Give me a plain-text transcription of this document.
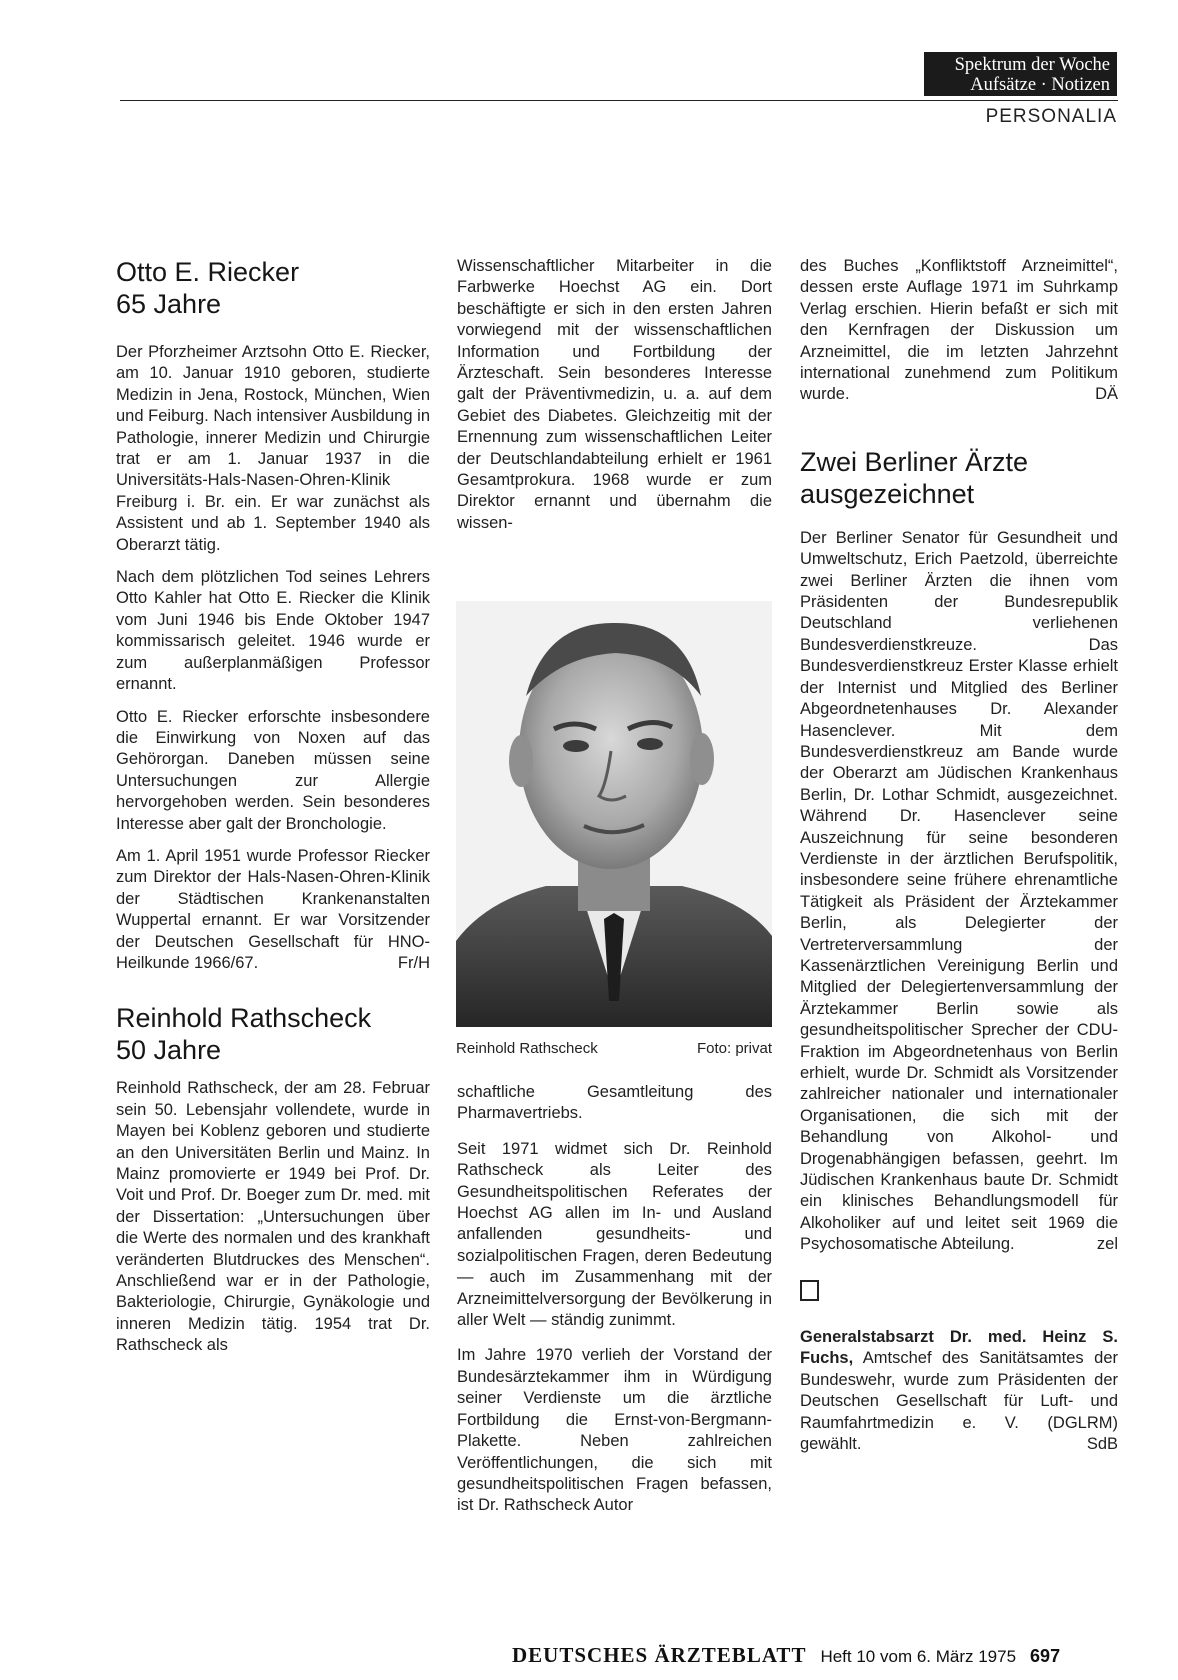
Spektrum der Woche
Aufsätze · Notizen
PERSONALIA
Otto E. Riecker
65 Jahre

Der Pforzheimer Arztsohn Otto E. Riecker, am 10. Januar 1910 geboren, studierte Medizin in Jena, Rostock, München, Wien und Feiburg. Nach intensiver Ausbildung in Pathologie, innerer Medizin und Chirurgie trat er am 1. Januar 1937 in die Universitäts-Hals-Nasen-Ohren-Klinik Freiburg i. Br. ein. Er war zunächst als Assistent und ab 1. September 1940 als Oberarzt tätig.

Nach dem plötzlichen Tod seines Lehrers Otto Kahler hat Otto E. Riecker die Klinik vom Juni 1946 bis Ende Oktober 1947 kommissarisch geleitet. 1946 wurde er zum außerplanmäßigen Professor ernannt.

Otto E. Riecker erforschte insbesondere die Einwirkung von Noxen auf das Gehörorgan. Daneben müssen seine Untersuchungen zur Allergie hervorgehoben werden. Sein besonderes Interesse aber galt der Bronchologie.

Am 1. April 1951 wurde Professor Riecker zum Direktor der Hals-Nasen-Ohren-Klinik der Städtischen Krankenanstalten Wuppertal ernannt. Er war Vorsitzender der Deutschen Gesellschaft für HNO-Heilkunde 1966/67.	Fr/H

Reinhold Rathscheck
50 Jahre

Reinhold Rathscheck, der am 28. Februar sein 50. Lebensjahr vollendete, wurde in Mayen bei Koblenz geboren und studierte an den Universitäten Berlin und Mainz. In Mainz promovierte er 1949 bei Prof. Dr. Voit und Prof. Dr. Boeger zum Dr. med. mit der Dissertation: „Untersuchungen über die Werte des normalen und des krankhaft veränderten Blutdruckes des Menschen“. Anschließend war er in der Pathologie, Bakteriologie, Chirurgie, Gynäkologie und inneren Medizin tätig. 1954 trat Dr. Rathscheck als

Wissenschaftlicher Mitarbeiter in die Farbwerke Hoechst AG ein. Dort beschäftigte er sich in den ersten Jahren vorwiegend mit der wissenschaftlichen Information und Fortbildung der Ärzteschaft. Sein besonderes Interesse galt der Präventivmedizin, u. a. auf dem Gebiet des Diabetes. Gleichzeitig mit der Ernennung zum wissenschaftlichen Leiter der Deutschlandabteilung erhielt er 1961 Gesamtprokura. 1968 wurde er zum Direktor ernannt und übernahm die wissen-

Reinhold Rathscheck	Foto: privat

schaftliche Gesamtleitung des Pharmavertriebs.

Seit 1971 widmet sich Dr. Reinhold Rathscheck als Leiter des Gesundheitspolitischen Referates der Hoechst AG allen im In- und Ausland anfallenden gesundheits- und sozialpolitischen Fragen, deren Bedeutung — auch im Zusammenhang mit der Arzneimittelversorgung der Bevölkerung in aller Welt — ständig zunimmt.

Im Jahre 1970 verlieh der Vorstand der Bundesärztekammer ihm in Würdigung seiner Verdienste um die ärztliche Fortbildung die Ernst-von-Bergmann-Plakette. Neben zahlreichen Veröffentlichungen, die sich mit gesundheitspolitischen Fragen befassen, ist Dr. Rathscheck Autor

des Buches „Konfliktstoff Arzneimittel“, dessen erste Auflage 1971 im Suhrkamp Verlag erschien. Hierin befaßt er sich mit den Kernfragen der Diskussion um Arzneimittel, die im letzten Jahrzehnt international zunehmend zum Politikum wurde.	DÄ

Zwei Berliner Ärzte
ausgezeichnet

Der Berliner Senator für Gesundheit und Umweltschutz, Erich Paetzold, überreichte zwei Berliner Ärzten die ihnen vom Präsidenten der Bundesrepublik Deutschland verliehenen Bundesverdienstkreuze. Das Bundesverdienstkreuz Erster Klasse erhielt der Internist und Mitglied des Berliner Abgeordnetenhauses Dr. Alexander Hasenclever. Mit dem Bundesverdienstkreuz am Bande wurde der Oberarzt am Jüdischen Krankenhaus Berlin, Dr. Lothar Schmidt, ausgezeichnet. Während Dr. Hasenclever seine Auszeichnung für seine besonderen Verdienste in der ärztlichen Berufspolitik, insbesondere seine frühere ehrenamtliche Tätigkeit als Präsident der Ärztekammer Berlin, als Delegierter der Vertreterversammlung der Kassenärztlichen Vereinigung Berlin und Mitglied der Delegiertenversammlung der Ärztekammer Berlin sowie als gesundheitspolitischer Sprecher der CDU-Fraktion im Abgeordnetenhaus von Berlin erhielt, wurde Dr. Schmidt als Vorsitzender zahlreicher nationaler und internationaler Organisationen, die sich mit der Behandlung von Alkohol- und Drogenabhängigen befassen, geehrt. Im Jüdischen Krankenhaus baute Dr. Schmidt ein klinisches Behandlungsmodell für Alkoholiker auf und leitet seit 1969 die Psychosomatische Abteilung.	zel

Generalstabsarzt Dr. med. Heinz S. Fuchs, Amtschef des Sanitätsamtes der Bundeswehr, wurde zum Präsidenten der Deutschen Gesellschaft für Luft- und Raumfahrtmedizin e. V. (DGLRM) gewählt.	SdB

DEUTSCHES ÄRZTEBLATT Heft 10 vom 6. März 1975 697
